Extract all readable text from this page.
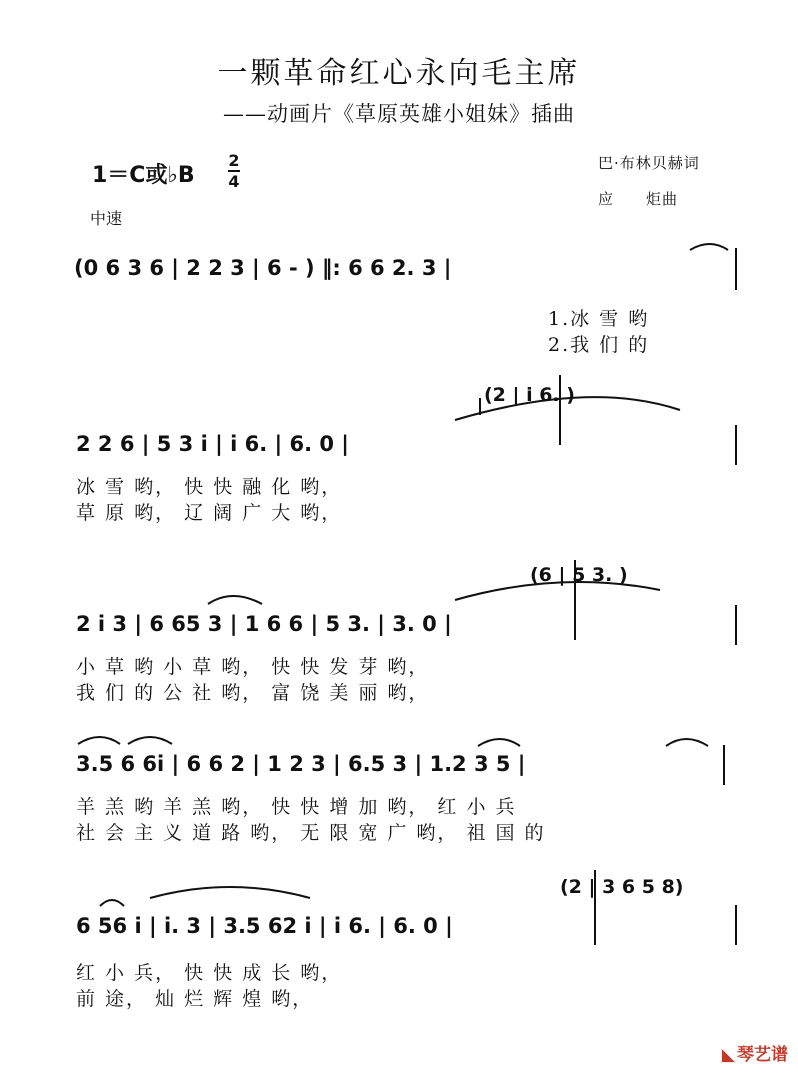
一颗革命红心永向毛主席
——动画片《草原英雄小姐妹》插曲
1＝C或♭B
2
4
巴·布林贝赫词
应　　炬曲
中速
(0 6 3 6 | 2 2 3 | 6 - ) ‖: 6 6 2. 3 |
1.冰 雪 哟
2.我 们 的
(2 | i 6. )
2 2 6 | 5 3 i | i 6. | 6. 0 |
冰 雪 哟， 快 快 融 化 哟，
草 原 哟， 辽 阔 广 大 哟，
(6 | 5 3. )
2 i 3 | 6 65 3 | 1 6 6 | 5 3. | 3. 0 |
小 草 哟 小 草 哟， 快 快 发 芽 哟，
我 们 的 公 社 哟， 富 饶 美 丽 哟，
3.5 6 6i | 6 6 2 | 1 2 3 | 6.5 3 | 1.2 3 5 |
羊 羔 哟 羊 羔 哟， 快 快 增 加 哟， 红 小 兵
社 会 主 义 道 路 哟， 无 限 宽 广 哟， 祖 国 的
(2 | 3 6 5 8)
6 56 i | i. 3 | 3.5 62 i | i 6. | 6. 0 |
红 小 兵， 快 快 成 长 哟，
前 途， 灿 烂 辉 煌 哟，
◣ 琴艺谱
